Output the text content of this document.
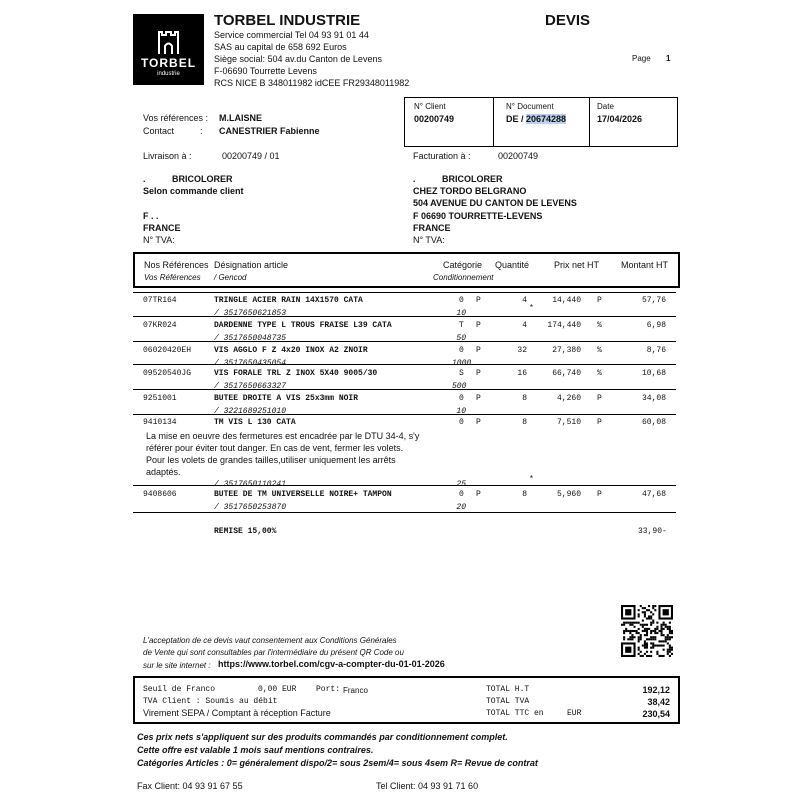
TORBEL
industrie
TORBEL INDUSTRIE
Service commercial Tel 04 93 91 01 44
SAS au capital de 658 692 Euros
Siège social: 504 av.du Canton de Levens
F-06690 Tourrette Levens
RCS NICE B 348011982 idCEE FR29348011982
DEVIS
Page 1
N° Client
00200749
N° Document
DE / 20674288
Date
17/04/2026
Vos références : M.LAISNE
Contact	: CANESTRIER Fabienne
Livraison à :	00200749 / 01	Facturation à :	00200749
.	BRICOLORER
Selon commande client
F . .
FRANCE
N° TVA:
.	BRICOLORER
CHEZ TORDO BELGRANO
504 AVENUE DU CANTON DE LEVENS
F 06690 TOURRETTE-LEVENS
FRANCE
N° TVA:
Nos Références
Vos Références
Désignation article
/ Gencod
Catégorie
Conditionnement
Quantité	Prix net HT Montant HT
07TR164	TRINGLE ACIER RAIN 14X1570 CATA	0 P	4	14,440 P	57,76
/ 3517650621853	10
*
07KR024	DARDENNE TYPE L TROUS FRAISE L39 CATA	T P	4	174,440 %	6,98
/ 3517650048735	50
06020420EH	VIS AGGLO F Z 4x20 INOX A2 ZNOIR	0 P	32	27,380 %	8,76
/ 3517650435054	1000
09520540JG	VIS FORALE TRL Z INOX 5X40 9005/30	S P	16	66,740 %	10,68
/ 3517650663327	500
9251001	BUTEE DROITE A VIS 25x3mm NOIR	0 P	8	4,260 P	34,08
/ 3221689251010	10
9410134	TM VIS L 130 CATA	0 P	8	7,510 P	60,08
/ 3517650110241	25
*
La mise en oeuvre des fermetures est encadrée par le DTU 34-4, s'y
référer pour éviter tout danger. En cas de vent, fermer les volets.
Pour les volets de grandes tailles,utiliser uniquement les arrêts
adaptés.
9408606	BUTEE DE TM UNIVERSELLE NOIRE+ TAMPON	0 P	8	5,960 P	47,68
/ 3517650253870	20
REMISE 15,00%	33,90-
L'acceptation de ce devis vaut consentement aux Conditions Générales
de Vente qui sont consultables par l'intermédiaire du présent QR Code ou
sur le site internet : https://www.torbel.com/cgv-a-compter-du-01-01-2026
Seuil de Franco	0,00 EUR Port: Franco
TVA Client : Soumis au débit
Virement SEPA / Comptant à réception Facture
TOTAL H.T	192,12
TOTAL TVA	38,42
TOTAL TTC en	EUR	230,54
Ces prix nets s'appliquent sur des produits commandés par conditionnement complet.
Cette offre est valable 1 mois sauf mentions contraires.
Catégories Articles : 0= généralement dispo/2= sous 2sem/4= sous 4sem R= Revue de contrat
Fax Client: 04 93 91 67 55	Tel Client: 04 93 91 71 60
